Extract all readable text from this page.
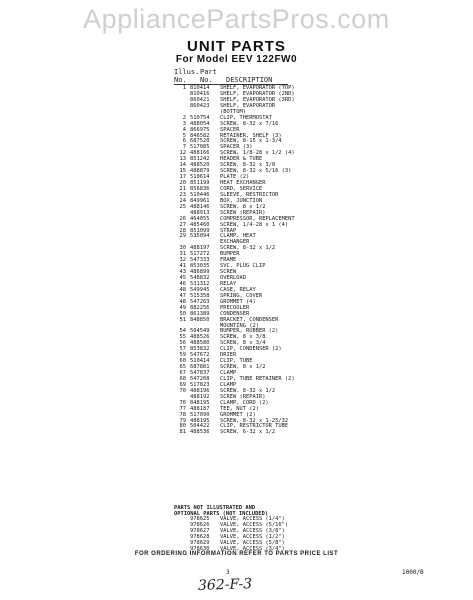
AppliancePartsPros.com
UNIT PARTS
For Model EEV 122FW0
Illus. Part
No. No. DESCRIPTION
1 810414 SHELF, EVAPORATOR (TOP)
810416 SHELF, EVAPORATOR (2ND)
860421 SHELF, EVAPORATOR (3RD)
860423 SHELF, EVAPORATOR
(BOTTOM)
2 510754 CLIP, THERMOSTAT
3 488054 SCREW, 8-32 x 7/16
4 866975 SPACER
5 846582 RETAINER, SHELF (3)
6 687520 SCREW, 8-15 x 1-3/4
7 517085 SPACER (3)
12 488166 SCREW, 1/8-28 x 1/2 (4)
13 851242 HEADER & TUBE
14 488520 SCREW, 8-32 x 3/8
15 488879 SCREW, 8-32 x 5/16 (3)
17 510614 PLATE (2)
20 851199 HEAT EXCHANGER
21 856836 CORD, SERVICE
23 510446 SLEEVE, RESTRICTOR
24 849961 BOX, JUNCTION
25 488146 SCREW, 8 x 1/2
488913 SCREW (REPAIR)
26 464055 COMPRESSOR, REPLACEMENT
27 485460 SCREW, 1/4-28 x 1 (4)
28 851099 STRAP
29 535094 CLAMP, HEAT
EXCHANGER
30 488197 SCREW, 8-32 x 1/2
31 517272 BUMPER
32 547333 FRAME
41 853035 SVC. PLUG CLIP
43 486899 SCREW
45 548832 OVERLOAD
46 531312 RELAY
48 549945 CASE, RELAY
47 515358 SPRING, COVER
48 547263 GROMMET (4)
49 882256 PRECOOLER
50 861389 CONDENSER
51 848850 BRACKET, CONDENSER
MOUNTING (2)
54 504549 BUMPER, RUBBER (2)
55 488526 SCREW, 8 x 3/8
56 488580 SCREW, 8 x 3/4
57 853832 CLIP, CONDENSER (2)
59 547672 DRIER
60 510414 CLIP, TUBE
65 687881 SCREW, 8 x 1/2
67 547837 CLAMP
68 547208 CLIP, TUBE RETAINER (2)
69 517823 CLAMP
70 488196 SCREW, 8-32 x 1/2
488192 SCREW (REPAIR)
76 848195 CLAMP, CORD (2)
77 488187 TEE, NUT (2)
78 517090 GROMMET (2)
79 488195 SCREW, 8-32 x 1-25/32
80 504422 CLIP, RESTRICTOR TUBE
81 488536 SCREW, 6-32 x 1/2
PARTS NOT ILLUSTRATED AND
OPTIONAL PARTS (NOT INCLUDED)
978625 VALVE, ACCESS (1/4")
978626 VALVE, ACCESS (5/16")
978627 VALVE, ACCESS (3/8")
978628 VALVE, ACCESS (1/2")
978629 VALVE, ACCESS (5/8")
978630 VALVE, ACCESS (3/4")
FOR ORDERING INFORMATION REFER TO PARTS PRICE LIST
3	1000/B
362-F-3
